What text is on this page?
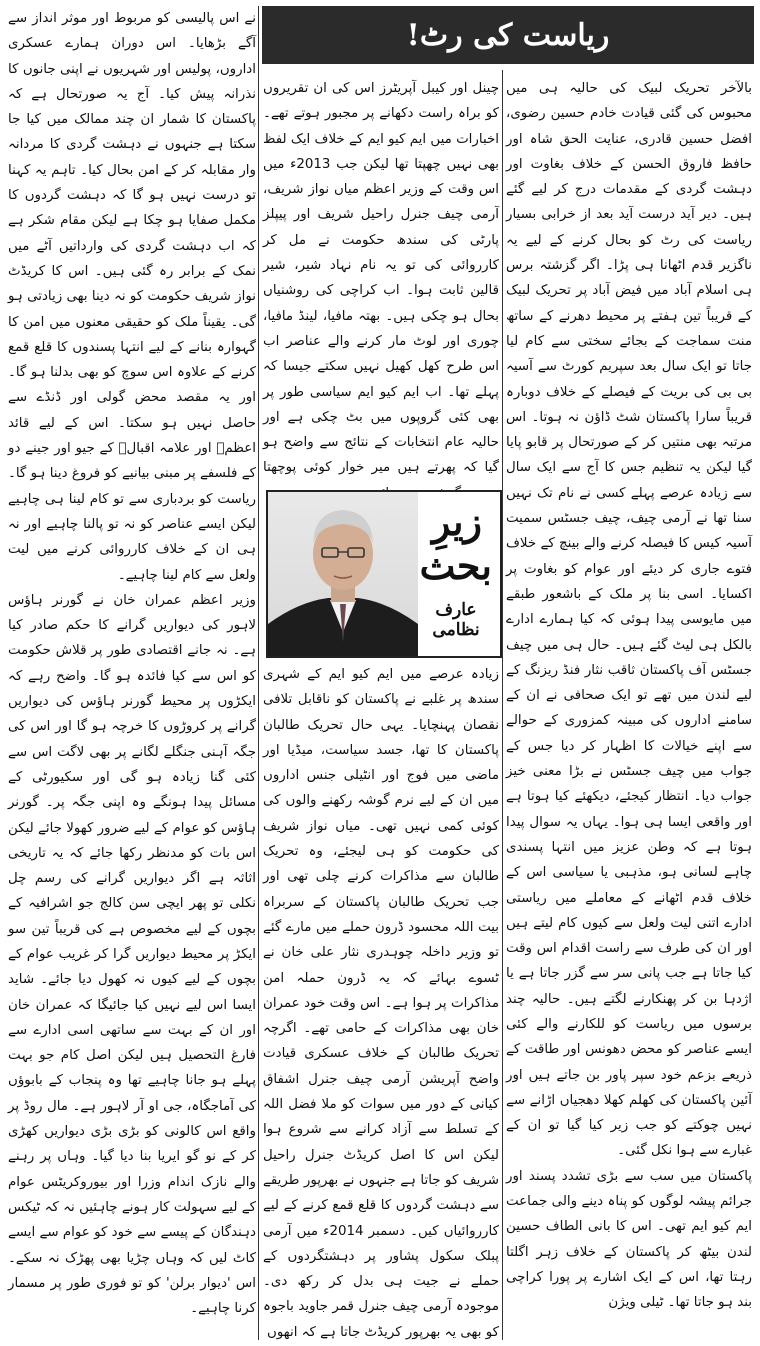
ریاست کی رٹ!

بالآخر تحریک لبیک کی حالیہ ہی میں محبوس کی گئی قیادت خادم حسین رضوی، افضل حسین قادری، عنایت الحق شاہ اور حافظ فاروق الحسن کے خلاف بغاوت اور دہشت گردی کے مقدمات درج کر لیے گئے ہیں۔ دیر آید درست آید بعد از خرابی بسیار ریاست کی رٹ کو بحال کرنے کے لیے یہ ناگزیر قدم اٹھانا ہی پڑا۔ اگر گزشتہ برس ہی اسلام آباد میں فیض آباد پر تحریک لبیک کے قریباً تین ہفتے پر محیط دھرنے کے ساتھ منت سماجت کے بجائے سختی سے کام لیا جاتا تو ایک سال بعد سپریم کورٹ سے آسیہ بی بی کی بریت کے فیصلے کے خلاف دوبارہ قریباً سارا پاکستان شٹ ڈاؤن نہ ہوتا۔ اس مرتبہ بھی منتیں کر کے صورتحال پر قابو پایا گیا لیکن یہ تنظیم جس کا آج سے ایک سال سے زیادہ عرصے پہلے کسی نے نام تک نہیں سنا تھا نے آرمی چیف، چیف جسٹس سمیت آسیہ کیس کا فیصلہ کرنے والے بینچ کے خلاف فتوے جاری کر دیئے اور عوام کو بغاوت پر اکسایا۔ اسی بنا پر ملک کے باشعور طبقے میں مایوسی پیدا ہوئی کہ کیا ہمارے ادارے بالکل ہی لیٹ گئے ہیں۔ حال ہی میں چیف جسٹس آف پاکستان ثاقب نثار فنڈ ریزنگ کے لیے لندن میں تھے تو ایک صحافی نے ان کے سامنے اداروں کی مبینہ کمزوری کے حوالے سے اپنے خیالات کا اظہار کر دیا جس کے جواب میں چیف جسٹس نے بڑا معنی خیز جواب دیا۔ انتظار کیجئے، دیکھئے کیا ہوتا ہے اور واقعی ایسا ہی ہوا۔ یہاں یہ سوال پیدا ہوتا ہے کہ وطن عزیز میں انتہا پسندی چاہے لسانی ہو، مذہبی یا سیاسی اس کے خلاف قدم اٹھانے کے معاملے میں ریاستی ادارے اتنی لیت ولعل سے کیوں کام لیتے ہیں اور ان کی طرف سے راست اقدام اس وقت کیا جاتا ہے جب پانی سر سے گزر جاتا ہے یا اژدہا بن کر پھنکارنے لگتے ہیں۔ حالیہ چند برسوں میں ریاست کو للکارنے والے کئی ایسے عناصر کو محض دھونس اور طاقت کے ذریعے بزعم خود سپر پاور بن جاتے ہیں اور آئین پاکستان کی کھلم کھلا دھجیاں اڑانے سے نہیں چوکتے کو جب زیر کیا گیا تو ان کے غبارے سے ہوا نکل گئی۔

پاکستان میں سب سے بڑی تشدد پسند اور جرائم پیشہ لوگوں کو پناہ دینے والی جماعت ایم کیو ایم تھی۔ اس کا بانی الطاف حسین لندن بیٹھ کر پاکستان کے خلاف زہر اگلتا رہتا تھا، اس کے ایک اشارے پر پورا کراچی بند ہو جاتا تھا۔ ٹیلی ویژن

چینل اور کیبل آپریٹرز اس کی ان تقریروں کو براہ راست دکھانے پر مجبور ہوتے تھے۔ اخبارات میں ایم کیو ایم کے خلاف ایک لفظ بھی نہیں چھپتا تھا لیکن جب 2013ء میں اس وقت کے وزیر اعظم میاں نواز شریف، آرمی چیف جنرل راحیل شریف اور پیپلز پارٹی کی سندھ حکومت نے مل کر کارروائی کی تو یہ نام نہاد شیر، شیر قالین ثابت ہوا۔ اب کراچی کی روشنیاں بحال ہو چکی ہیں۔ بھتہ مافیا، لینڈ مافیا، چوری اور لوٹ مار کرنے والے عناصر اب اس طرح کھل کھیل نہیں سکتے جیسا کہ پہلے تھا۔ اب ایم کیو ایم سیاسی طور پر بھی کئی گروپوں میں بٹ چکی ہے اور حالیہ عام انتخابات کے نتائج سے واضح ہو گیا کہ پھرتے ہیں میر خوار کوئی پوچھتا

زیرِ بحث
عارف نظامی

زیادہ عرصے میں ایم کیو ایم کے شہری سندھ پر غلبے نے پاکستان کو ناقابل تلافی نقصان پہنچایا۔ یہی حال تحریک طالبان پاکستان کا تھا، جسد سیاست، میڈیا اور ماضی میں فوج اور انٹیلی جنس اداروں میں ان کے لیے نرم گوشہ رکھنے والوں کی کوئی کمی نہیں تھی۔ میاں نواز شریف کی حکومت کو ہی لیجئے، وہ تحریک طالبان سے مذاکرات کرنے چلی تھی اور جب تحریک طالبان پاکستان کے سربراہ بیت اللہ محسود ڈرون حملے میں مارے گئے تو وزیر داخلہ چوہدری نثار علی خان نے ٹسوے بہائے کہ یہ ڈرون حملہ امن مذاکرات پر ہوا ہے۔ اس وقت خود عمران خان بھی مذاکرات کے حامی تھے۔ اگرچہ تحریک طالبان کے خلاف عسکری قیادت واضح آپریشن آرمی چیف جنرل اشفاق کیانی کے دور میں سوات کو ملا فضل اللہ کے تسلط سے آزاد کرانے سے شروع ہوا لیکن اس کا اصل کریڈٹ جنرل راحیل شریف کو جاتا ہے جنہوں نے بھرپور طریقے سے دہشت گردوں کا قلع قمع کرنے کے لیے کارروائیاں کیں۔ دسمبر 2014ء میں آرمی پبلک سکول پشاور پر دہشتگردوں کے حملے نے جیت ہی بدل کر رکھ دی۔ موجودہ آرمی چیف جنرل قمر جاوید باجوہ کو بھی یہ بھرپور کریڈٹ جاتا ہے کہ انھوں

نے اس پالیسی کو مربوط اور موثر انداز سے آگے بڑھایا۔ اس دوران ہمارے عسکری اداروں، پولیس اور شہریوں نے اپنی جانوں کا نذرانہ پیش کیا۔ آج یہ صورتحال ہے کہ پاکستان کا شمار ان چند ممالک میں کیا جا سکتا ہے جنہوں نے دہشت گردی کا مردانہ وار مقابلہ کر کے امن بحال کیا۔ تاہم یہ کہنا تو درست نہیں ہو گا کہ دہشت گردوں کا مکمل صفایا ہو چکا ہے لیکن مقام شکر ہے کہ اب دہشت گردی کی وارداتیں آٹے میں نمک کے برابر رہ گئی ہیں۔ اس کا کریڈٹ نواز شریف حکومت کو نہ دینا بھی زیادتی ہو گی۔ یقیناً ملک کو حقیقی معنوں میں امن کا گہوارہ بنانے کے لیے انتہا پسندوں کا قلع قمع کرنے کے علاوہ اس سوچ کو بھی بدلنا ہو گا۔ اور یہ مقصد محض گولی اور ڈنڈے سے حاصل نہیں ہو سکتا۔ اس کے لیے قائد اعظمؒ اور علامہ اقبالؒ کے جیو اور جینے دو کے فلسفے پر مبنی بیانیے کو فروغ دینا ہو گا۔ ریاست کو بردباری سے تو کام لینا ہی چاہیے لیکن ایسے عناصر کو نہ تو پالنا چاہیے اور نہ ہی ان کے خلاف کارروائی کرنے میں لیت ولعل سے کام لینا چاہیے۔

وزیر اعظم عمران خان نے گورنر ہاؤس لاہور کی دیواریں گرانے کا حکم صادر کیا ہے۔ نہ جانے اقتصادی طور پر قلاش حکومت کو اس سے کیا فائدہ ہو گا۔ واضح رہے کہ ایکڑوں پر محیط گورنر ہاؤس کی دیواریں گرانے پر کروڑوں کا خرچہ ہو گا اور اس کی جگہ آہنی جنگلے لگانے پر بھی لاگت اس سے کئی گنا زیادہ ہو گی اور سکیورٹی کے مسائل پیدا ہونگے وہ اپنی جگہ پر۔ گورنر ہاؤس کو عوام کے لیے ضرور کھولا جائے لیکن اس بات کو مدنظر رکھا جائے کہ یہ تاریخی اثاثہ ہے اگر دیواریں گرانے کی رسم چل نکلی تو پھر ایچی سن کالج جو اشرافیہ کے بچوں کے لیے مخصوص ہے کی قریباً تین سو ایکڑ پر محیط دیواریں گرا کر غریب عوام کے بچوں کے لیے کیوں نہ کھول دیا جائے۔ شاید ایسا اس لیے نہیں کیا جائیگا کہ عمران خان اور ان کے بہت سے ساتھی اسی ادارے سے فارغ التحصیل ہیں لیکن اصل کام جو بہت پہلے ہو جانا چاہیے تھا وہ پنجاب کے بابوؤں کی آماجگاہ، جی او آر لاہور ہے۔ مال روڈ پر واقع اس کالونی کو بڑی بڑی دیواریں کھڑی کر کے نو گو ایریا بنا دیا گیا۔ وہاں پر رہنے والے نازک اندام وزرا اور بیوروکریٹس عوام کے لیے سہولت کار ہونے چاہئیں نہ کہ ٹیکس دہندگان کے پیسے سے خود کو عوام سے ایسے کاٹ لیں کہ وہاں چڑیا بھی پھڑک نہ سکے۔ اس 'دیوار برلن' کو تو فوری طور پر مسمار کرنا چاہیے۔
